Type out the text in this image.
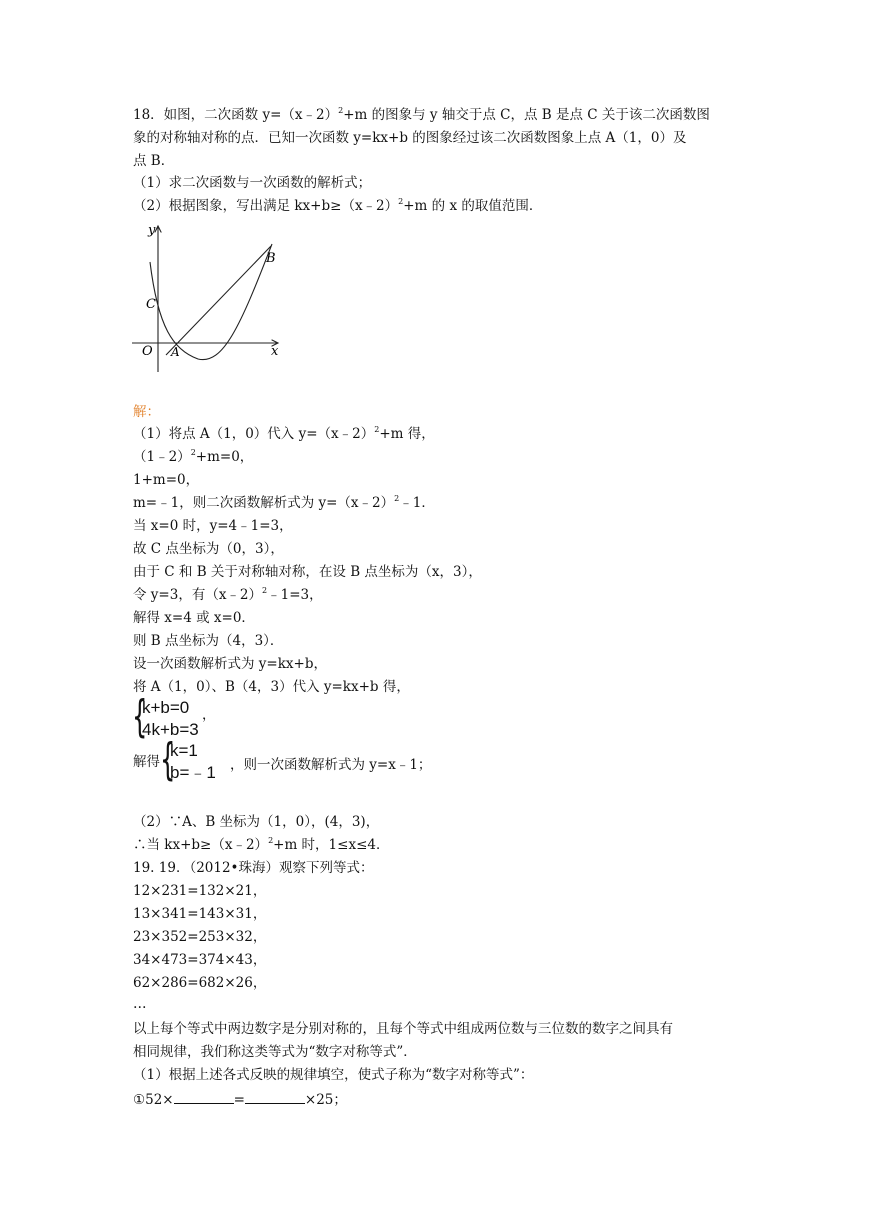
18．如图，二次函数 y=（x﹣2）$^2$+m 的图象与 y 轴交于点 C，点 B 是点 C 关于该二次函数图
象的对称轴对称的点．已知一次函数 y=kx+b 的图象经过该二次函数图象上点 A（1，0）及
点 B．
（1）求二次函数与一次函数的解析式；
（2）根据图象，写出满足 kx+b≥（x﹣2）$^2$+m 的 x 的取值范围．
y
x
O A
B
C
解：
（1）将点 A（1，0）代入 y=（x﹣2）$^2$+m 得，
（1﹣2）$^2$+m=0，
1+m=0，
m=﹣1，则二次函数解析式为 y=（x﹣2）$^2$﹣1．
当 x=0 时，y=4﹣1=3，
故 C 点坐标为（0，3），
由于 C 和 B 关于对称轴对称，在设 B 点坐标为（x，3），
令 y=3，有（x﹣2）$^2$﹣1=3，
解得 x=4 或 x=0．
则 B 点坐标为（4，3）．
设一次函数解析式为 y=kx+b，
将 A（1，0）、B（4，3）代入 y=kx+b 得，
{
k+b=0
4k+b=3
，
解得 {
k=1
b=﹣1 ，则一次函数解析式为 y=x﹣1；
（2）∵A、B 坐标为（1，0），(4，3)，
∴当 kx+b≥（x﹣2）$^2$+m 时，1≤x≤4．
19. 19．（2012•珠海）观察下列等式：
12×231=132×21，
13×341=143×31，
23×352=253×32，
34×473=374×43，
62×286=682×26，
…
以上每个等式中两边数字是分别对称的，且每个等式中组成两位数与三位数的数字之间具有
相同规律，我们称这类等式为“数字对称等式”．
（1）根据上述各式反映的规律填空，使式子称为“数字对称等式”：
①52×	=	×25；
